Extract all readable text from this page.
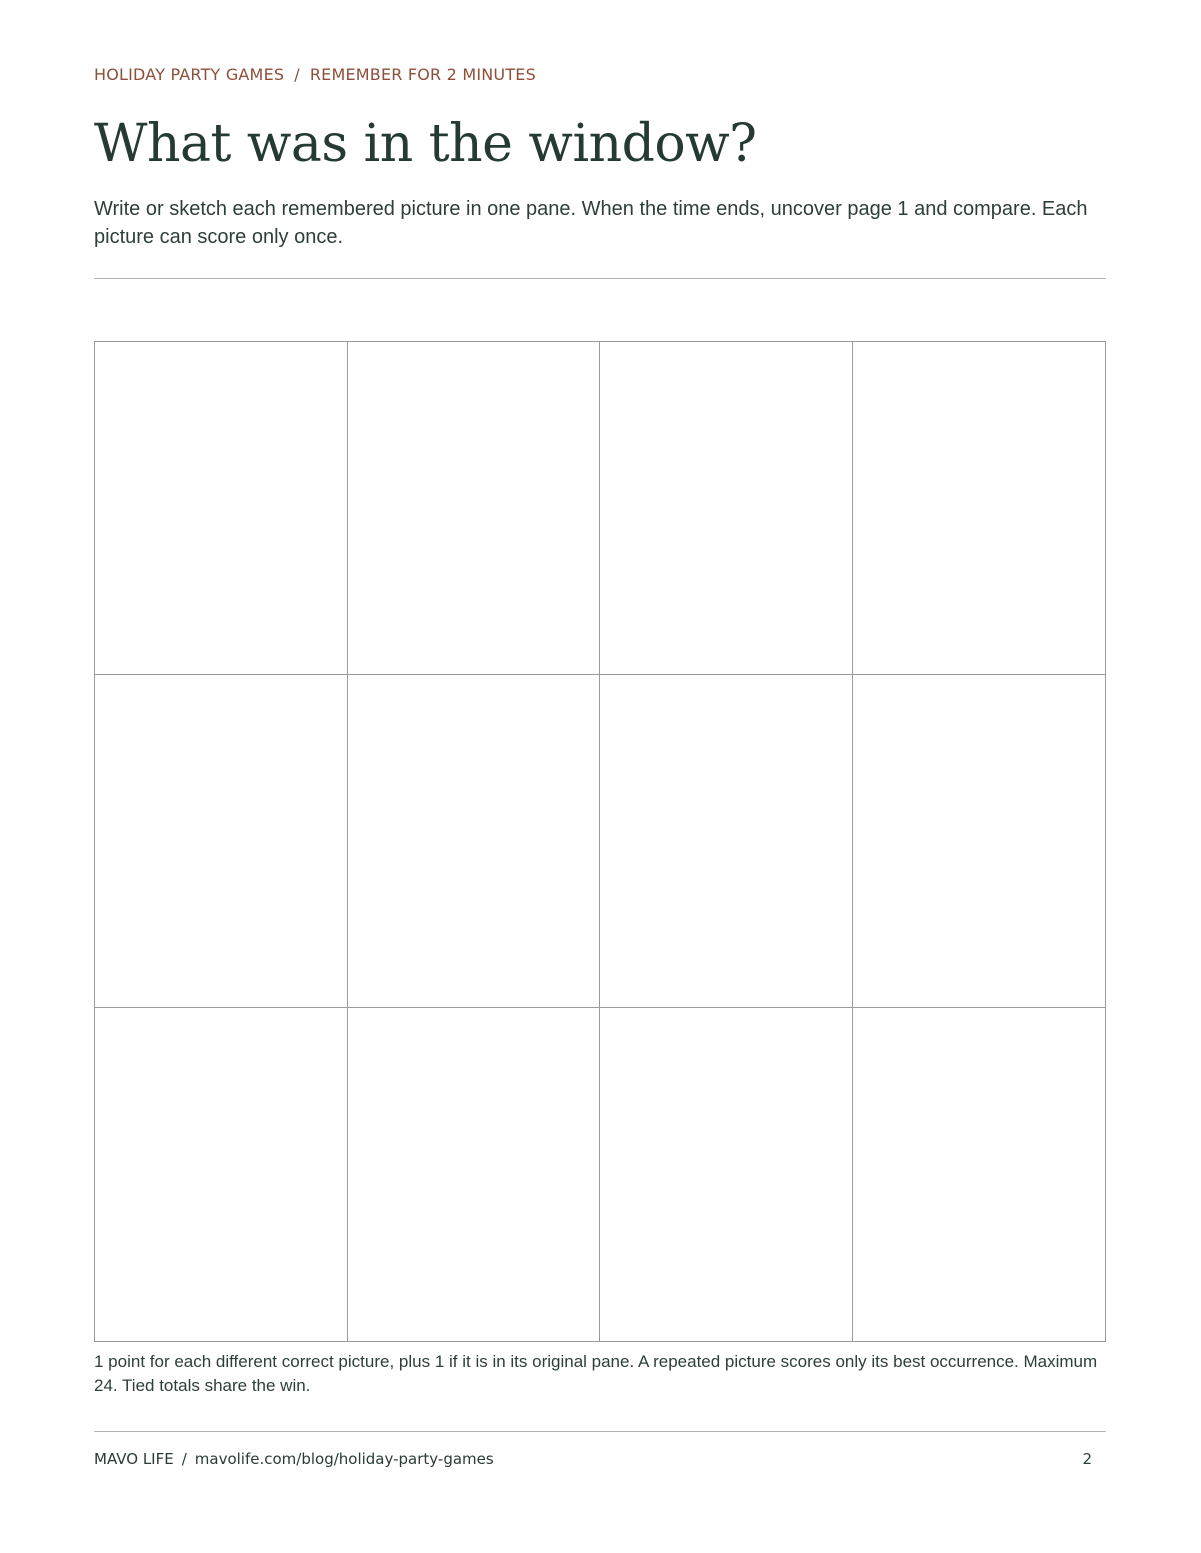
HOLIDAY PARTY GAMES / REMEMBER FOR 2 MINUTES
What was in the window?

Write or sketch each remembered picture in one pane. When the time ends, uncover page 1 and compare. Each picture can score only once.

1 point for each different correct picture, plus 1 if it is in its original pane. A repeated picture scores only its best occurrence. Maximum 24. Tied totals share the win.

MAVO LIFE / mavolife.com/blog/holiday-party-games	2
